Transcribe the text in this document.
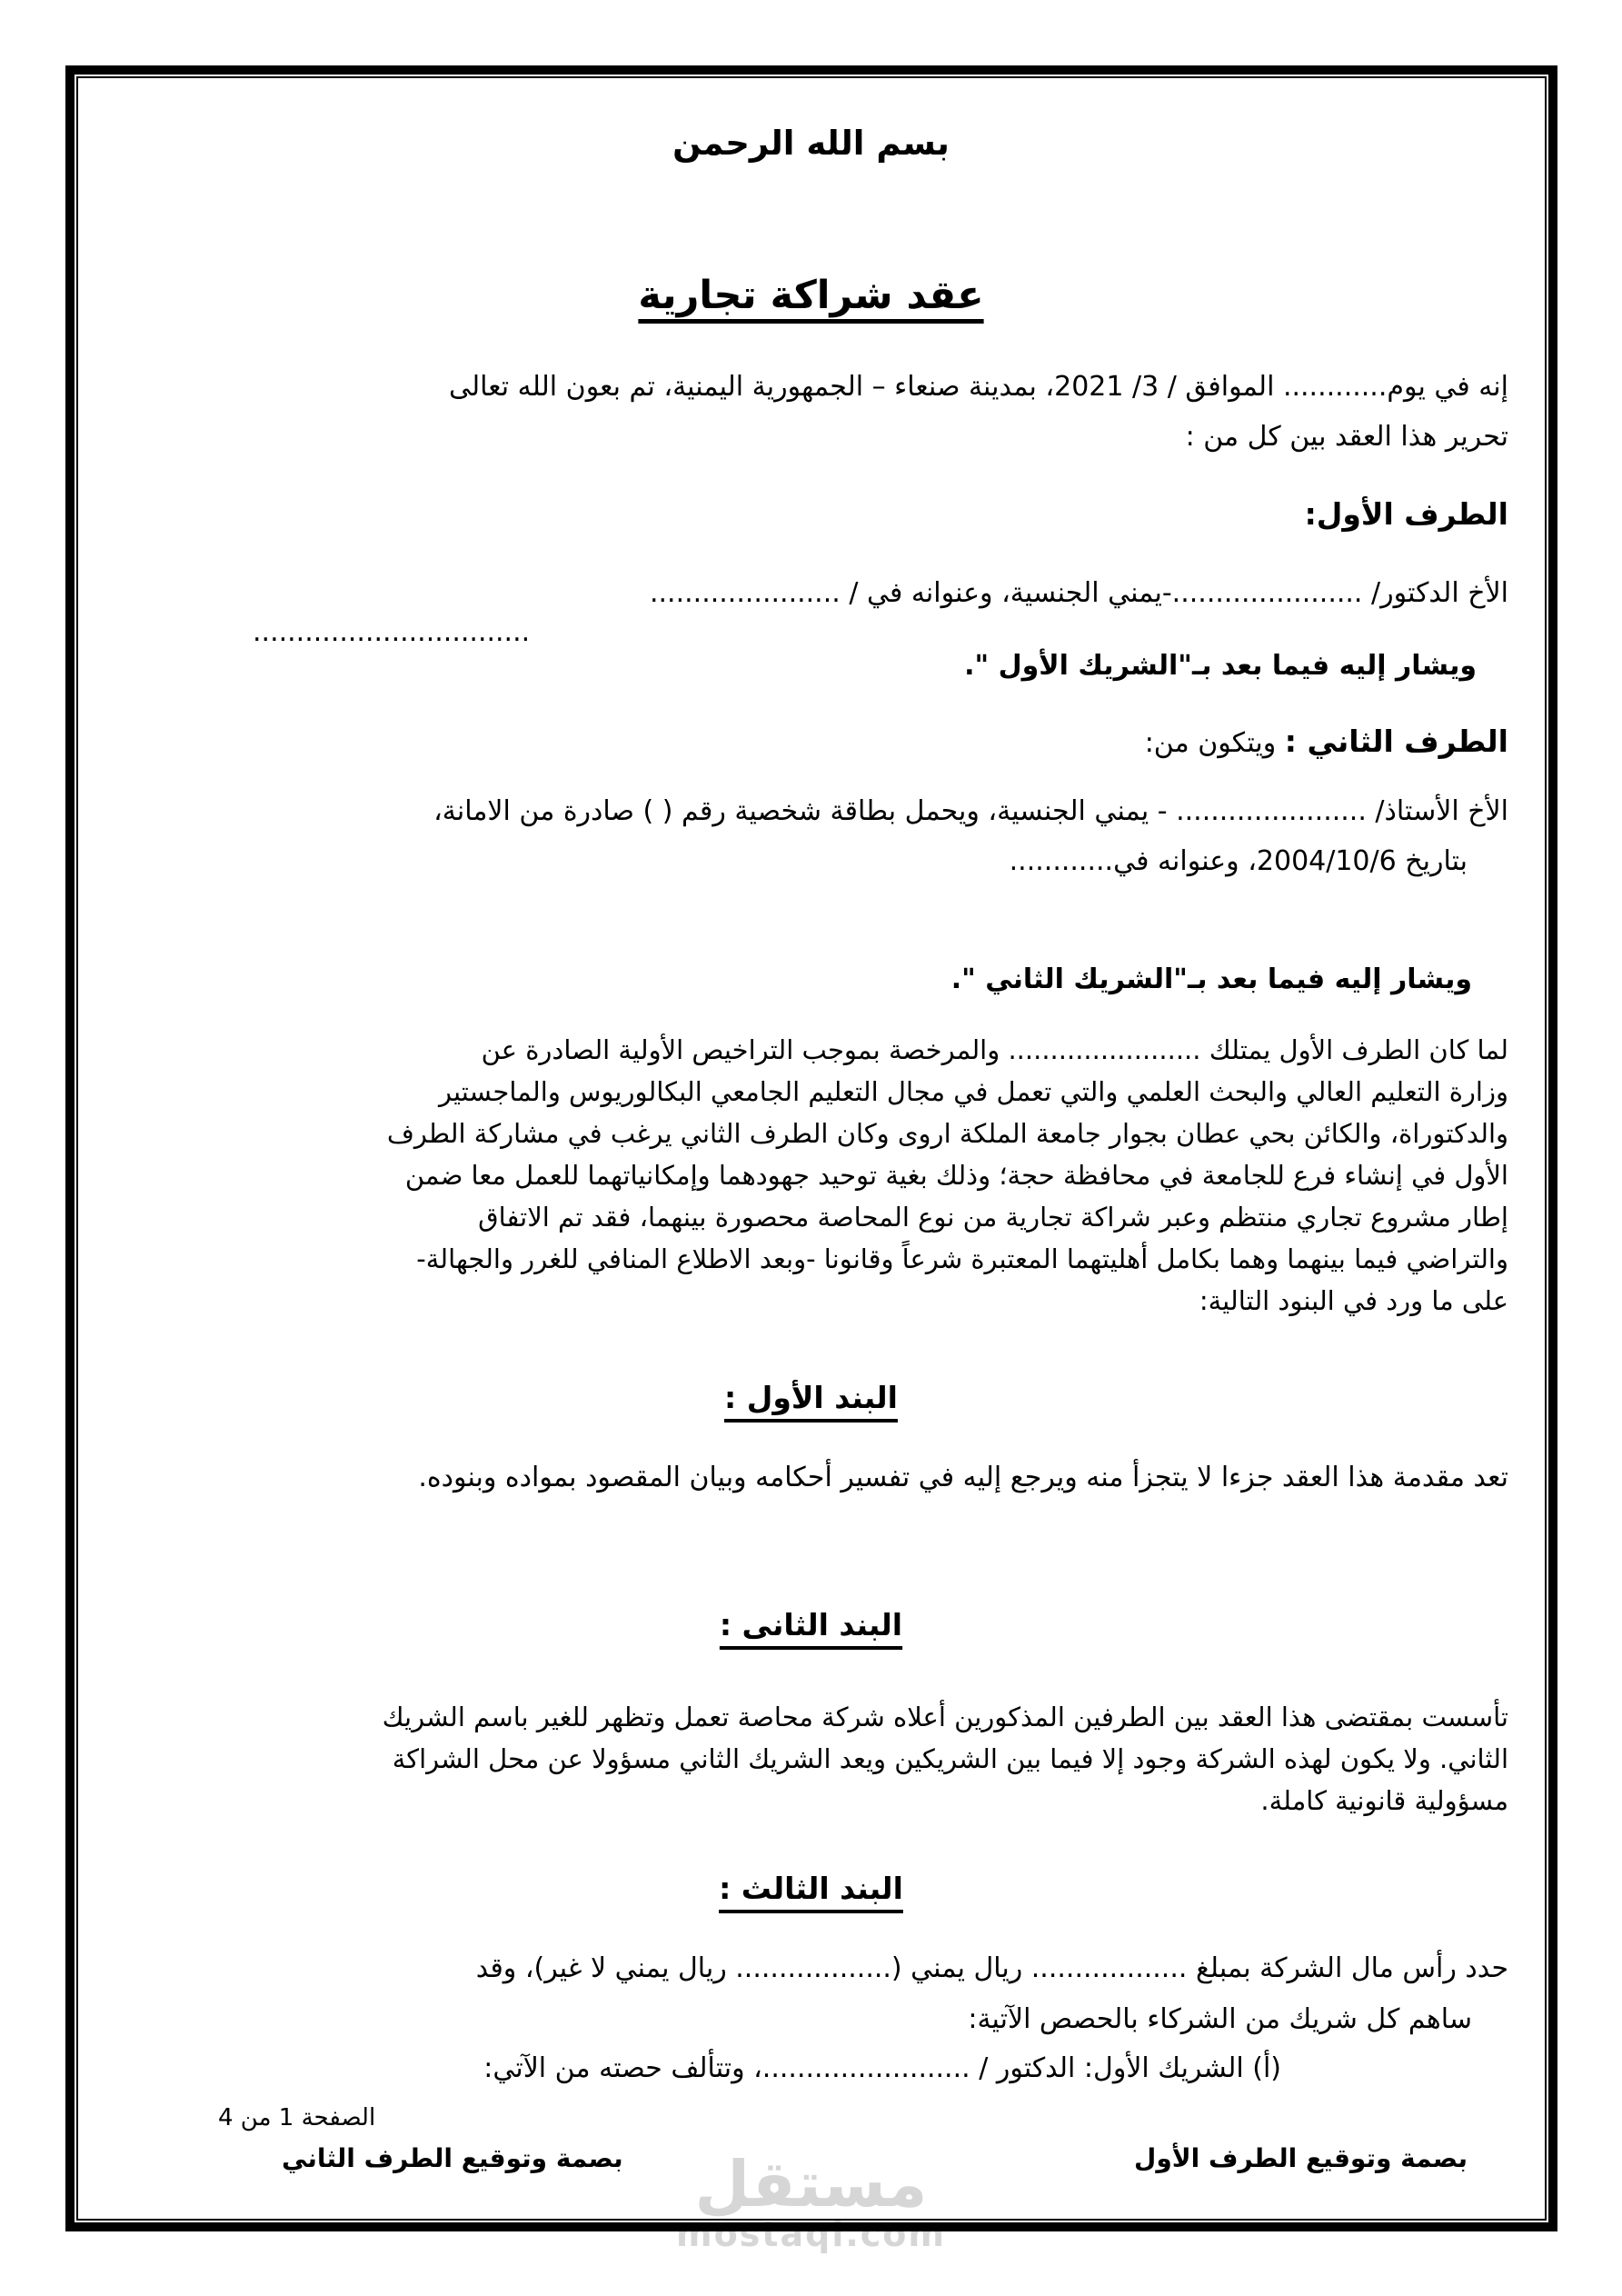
مستقل
mostaql.com
بسم الله الرحمن
عقد شراكة تجارية
إنه في يوم............ الموافق / 3/ 2021، بمدينة صنعاء – الجمهورية اليمنية، تم بعون الله تعالى
تحرير هذا العقد بين كل من :
الطرف الأول:
الأخ الدكتور/ ......................-يمني الجنسية، وعنوانه في / ......................
................................
ويشار إليه فيما بعد بـ"الشريك الأول ".
الطرف الثاني : ويتكون من:
الأخ الأستاذ/ ...................... - يمني الجنسية، ويحمل بطاقة شخصية رقم ( ) صادرة من الامانة،
بتاريخ 2004/10/6، وعنوانه في............
ويشار إليه فيما بعد بـ"الشريك الثاني ".
لما كان الطرف الأول يمتلك ....................... والمرخصة بموجب التراخيص الأولية الصادرة عن
وزارة التعليم العالي والبحث العلمي والتي تعمل في مجال التعليم الجامعي البكالوريوس والماجستير
والدكتوراة، والكائن بحي عطان بجوار جامعة الملكة اروى وكان الطرف الثاني يرغب في مشاركة الطرف
الأول في إنشاء فرع للجامعة في محافظة حجة؛ وذلك بغية توحيد جهودهما وإمكانياتهما للعمل معا ضمن
إطار مشروع تجاري منتظم وعبر شراكة تجارية من نوع المحاصة محصورة بينهما، فقد تم الاتفاق
والتراضي فيما بينهما وهما بكامل أهليتهما المعتبرة شرعاً وقانونا -وبعد الاطلاع المنافي للغرر والجهالة-
على ما ورد في البنود التالية:
البند الأول :
تعد مقدمة هذا العقد جزءا لا يتجزأ منه ويرجع إليه في تفسير أحكامه وبيان المقصود بمواده وبنوده.
البند الثانى :
تأسست بمقتضى هذا العقد بين الطرفين المذكورين أعلاه شركة محاصة تعمل وتظهر للغير باسم الشريك
الثاني. ولا يكون لهذه الشركة وجود إلا فيما بين الشريكين ويعد الشريك الثاني مسؤولا عن محل الشراكة
مسؤولية قانونية كاملة.
البند الثالث :
حدد رأس مال الشركة بمبلغ .................. ريال يمني (.................. ريال يمني لا غير)، وقد
ساهم كل شريك من الشركاء بالحصص الآتية:
(أ) الشريك الأول: الدكتور / ........................، وتتألف حصته من الآتي:
الصفحة 1 من 4
بصمة وتوقيع الطرف الأول
بصمة وتوقيع الطرف الثاني
